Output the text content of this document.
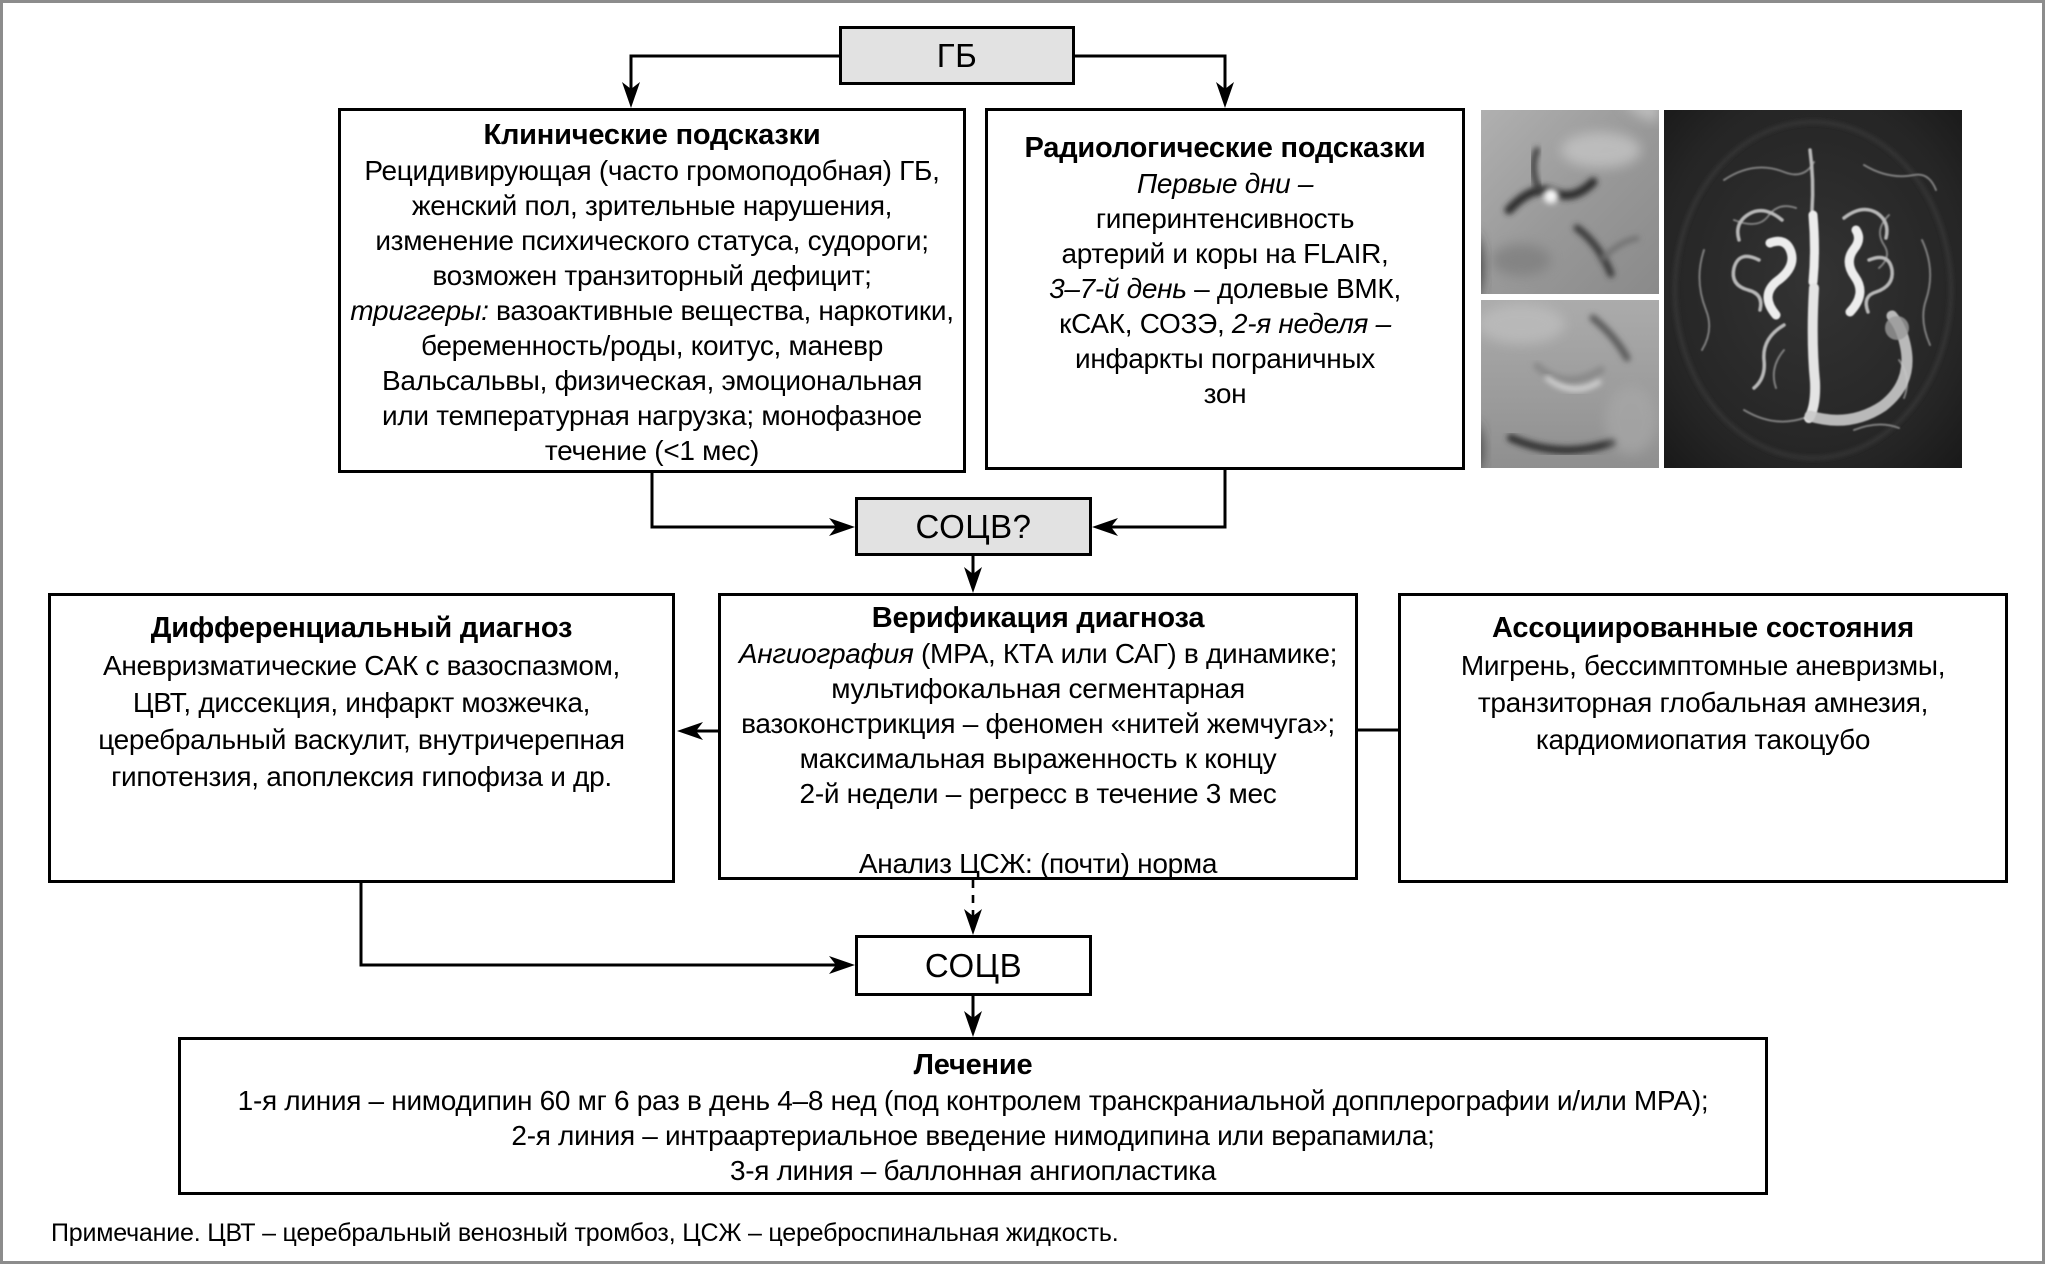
ГБ
Клинические подсказки
Рецидивирующая (часто громоподобная) ГБ,
женский пол, зрительные нарушения,
изменение психического статуса, судороги;
возможен транзиторный дефицит;
триггеры: вазоактивные вещества, наркотики,
беременность/роды, коитус, маневр
Вальсальвы, физическая, эмоциональная
или температурная нагрузка; монофазное
течение (<1 мес)
Радиологические подсказки
Первые дни –
гиперинтенсивность
артерий и коры на FLAIR,
3–7-й день – долевые ВМК,
кСАК, СОЗЭ, 2-я неделя –
инфаркты пограничных
зон
СОЦВ?
Дифференциальный диагноз
Аневризматические САК с вазоспазмом,
ЦВТ, диссекция, инфаркт мозжечка,
церебральный васкулит, внутричерепная
гипотензия, апоплексия гипофиза и др.
Верификация диагноза
Ангиография (МРА, КТА или САГ) в динамике;
мультифокальная сегментарная
вазоконстрикция – феномен «нитей жемчуга»;
максимальная выраженность к концу
2-й недели – регресс в течение 3 мес

Анализ ЦСЖ: (почти) норма
Ассоциированные состояния
Мигрень, бессимптомные аневризмы,
транзиторная глобальная амнезия,
кардиомиопатия такоцубо
СОЦВ
Лечение
1-я линия – нимодипин 60 мг 6 раз в день 4–8 нед (под контролем транскраниальной допплерографии и/или МРА);
2-я линия – интраартериальное введение нимодипина или верапамила;
3-я линия – баллонная ангиопластика
Примечание. ЦВТ – церебральный венозный тромбоз, ЦСЖ – цереброспинальная жидкость.
